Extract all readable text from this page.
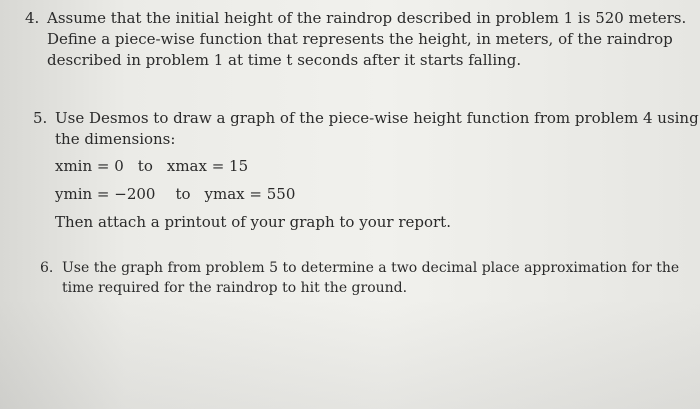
4. Assume that the initial height of the raindrop described in problem 1 is 520 meters.
Define a piece-wise function that represents the height, in meters, of the raindrop
described in problem 1 at time t seconds after it starts falling.
5. Use Desmos to draw a graph of the piece-wise height function from problem 4 using
the dimensions:
xmin = 0 to xmax = 15
ymin = −200 to ymax = 550
Then attach a printout of your graph to your report.
6. Use the graph from problem 5 to determine a two decimal place approximation for the
time required for the raindrop to hit the ground.
